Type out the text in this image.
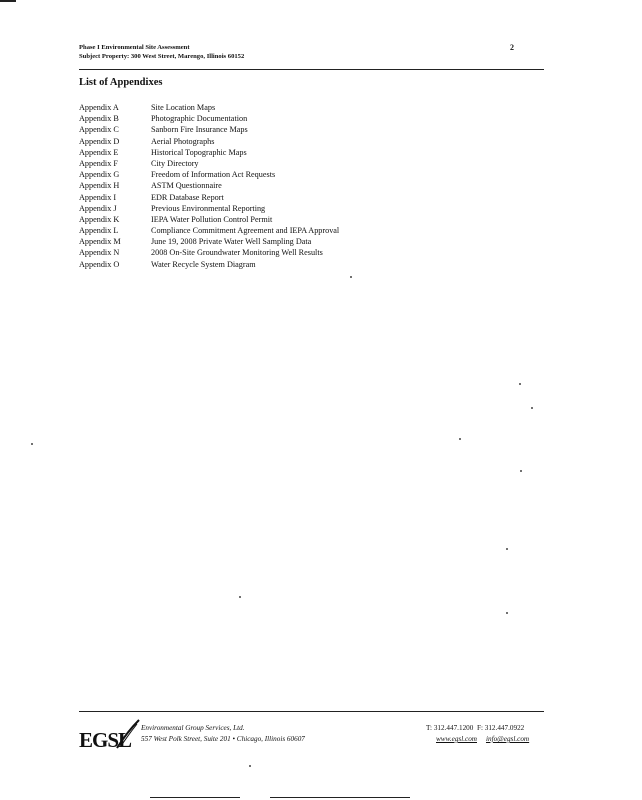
Phase I Environmental Site Assessment
Subject Property: 300 West Street, Marengo, Illinois 60152
2
List of Appendixes
Appendix A	Site Location Maps
Appendix B	Photographic Documentation
Appendix C	Sanborn Fire Insurance Maps
Appendix D	Aerial Photographs
Appendix E	Historical Topographic Maps
Appendix F	City Directory
Appendix G	Freedom of Information Act Requests
Appendix H	ASTM Questionnaire
Appendix I	EDR Database Report
Appendix J	Previous Environmental Reporting
Appendix K	IEPA Water Pollution Control Permit
Appendix L	Compliance Commitment Agreement and IEPA Approval
Appendix M	June 19, 2008 Private Water Well Sampling Data
Appendix N	2008 On-Site Groundwater Monitoring Well Results
Appendix O	Water Recycle System Diagram
EGSL Environmental Group Services, Ltd.
557 West Polk Street, Suite 201 • Chicago, Illinois 60607
T: 312.447.1200 F: 312.447.0922
www.egsl.com info@egsl.com
